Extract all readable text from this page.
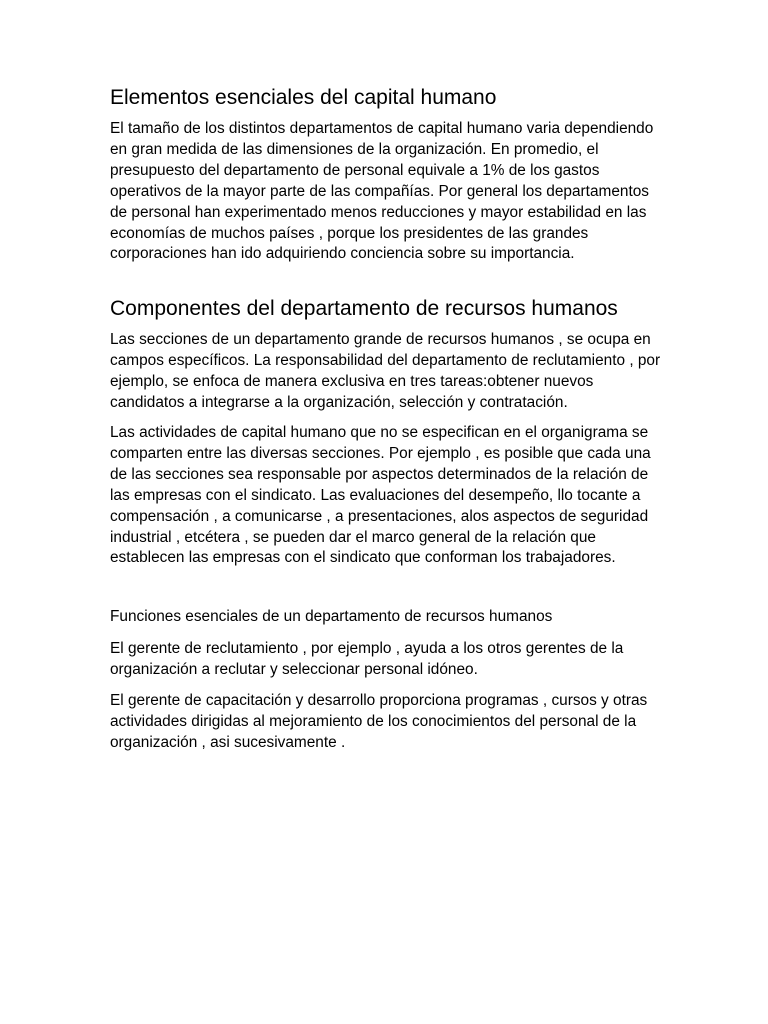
Elementos esenciales del capital humano

El tamaño de los distintos departamentos de capital humano varia dependiendo en gran medida de las dimensiones de la organización. En promedio, el presupuesto del departamento de personal equivale a 1% de los gastos operativos de la mayor parte de las compañías. Por general los departamentos de personal han experimentado menos reducciones y mayor estabilidad en las economías de muchos países , porque los presidentes de las grandes corporaciones han ido adquiriendo conciencia sobre su importancia.

Componentes del departamento de recursos humanos

Las secciones de un departamento grande de recursos humanos , se ocupa en campos específicos. La responsabilidad del departamento de reclutamiento , por ejemplo, se enfoca de manera exclusiva en tres tareas:obtener nuevos candidatos a integrarse a la organización, selección y contratación.

Las actividades de capital humano que no se especifican en el organigrama se comparten entre las diversas secciones. Por ejemplo , es posible que cada una de las secciones sea responsable por aspectos determinados de la relación de las empresas con el sindicato. Las evaluaciones del desempeño, llo tocante a compensación , a comunicarse , a presentaciones, alos aspectos de seguridad industrial , etcétera , se pueden dar el marco general de la relación que establecen las empresas con el sindicato que conforman los trabajadores.

Funciones esenciales de un departamento de recursos humanos

El gerente de reclutamiento , por ejemplo , ayuda a los otros gerentes de la organización a reclutar y seleccionar personal idóneo.

El gerente de capacitación y desarrollo proporciona programas , cursos y otras actividades dirigidas al mejoramiento de los conocimientos del personal de la organización , asi sucesivamente .
